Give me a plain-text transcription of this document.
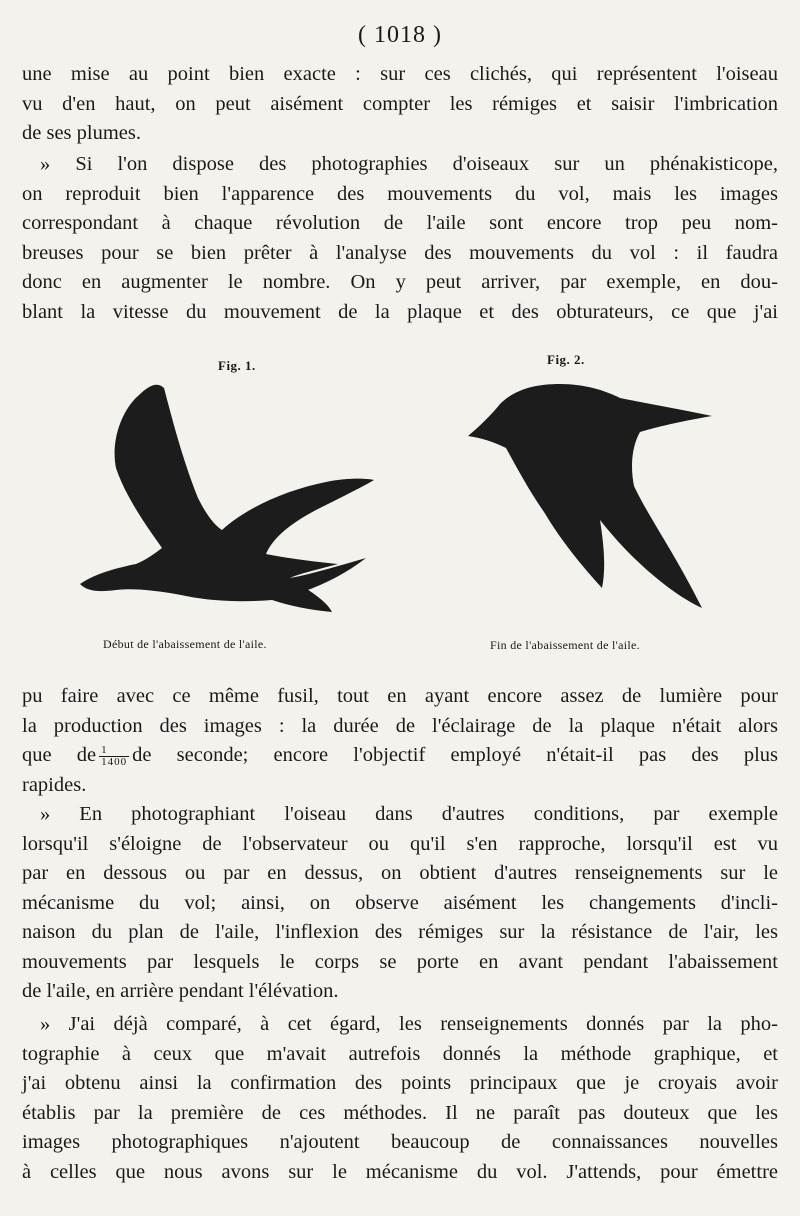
( 1018 )
une mise au point bien exacte : sur ces clichés, qui représentent l'oiseau
vu d'en haut, on peut aisément compter les rémiges et saisir l'imbrication
de ses plumes.
» Si l'on dispose des photographies d'oiseaux sur un phénakisticope,
on reproduit bien l'apparence des mouvements du vol, mais les images
correspondant à chaque révolution de l'aile sont encore trop peu nom-
breuses pour se bien prêter à l'analyse des mouvements du vol : il faudra
donc en augmenter le nombre. On y peut arriver, par exemple, en dou-
blant la vitesse du mouvement de la plaque et des obturateurs, ce que j'ai
Fig. 1.	Fig. 2.
Début de l'abaissement de l'aile.	Fin de l'abaissement de l'aile.
pu faire avec ce même fusil, tout en ayant encore assez de lumière pour
la production des images : la durée de l'éclairage de la plaque n'était alors
que de $\frac{1}{1400}$ de seconde; encore l'objectif employé n'était-il pas des plus
rapides.
» En photographiant l'oiseau dans d'autres conditions, par exemple
lorsqu'il s'éloigne de l'observateur ou qu'il s'en rapproche, lorsqu'il est vu
par en dessous ou par en dessus, on obtient d'autres renseignements sur le
mécanisme du vol; ainsi, on observe aisément les changements d'incli-
naison du plan de l'aile, l'inflexion des rémiges sur la résistance de l'air, les
mouvements par lesquels le corps se porte en avant pendant l'abaissement
de l'aile, en arrière pendant l'élévation.
» J'ai déjà comparé, à cet égard, les renseignements donnés par la pho-
tographie à ceux que m'avait autrefois donnés la méthode graphique, et
j'ai obtenu ainsi la confirmation des points principaux que je croyais avoir
établis par la première de ces méthodes. Il ne paraît pas douteux que les
images photographiques n'ajoutent beaucoup de connaissances nouvelles
à celles que nous avons sur le mécanisme du vol. J'attends, pour émettre
